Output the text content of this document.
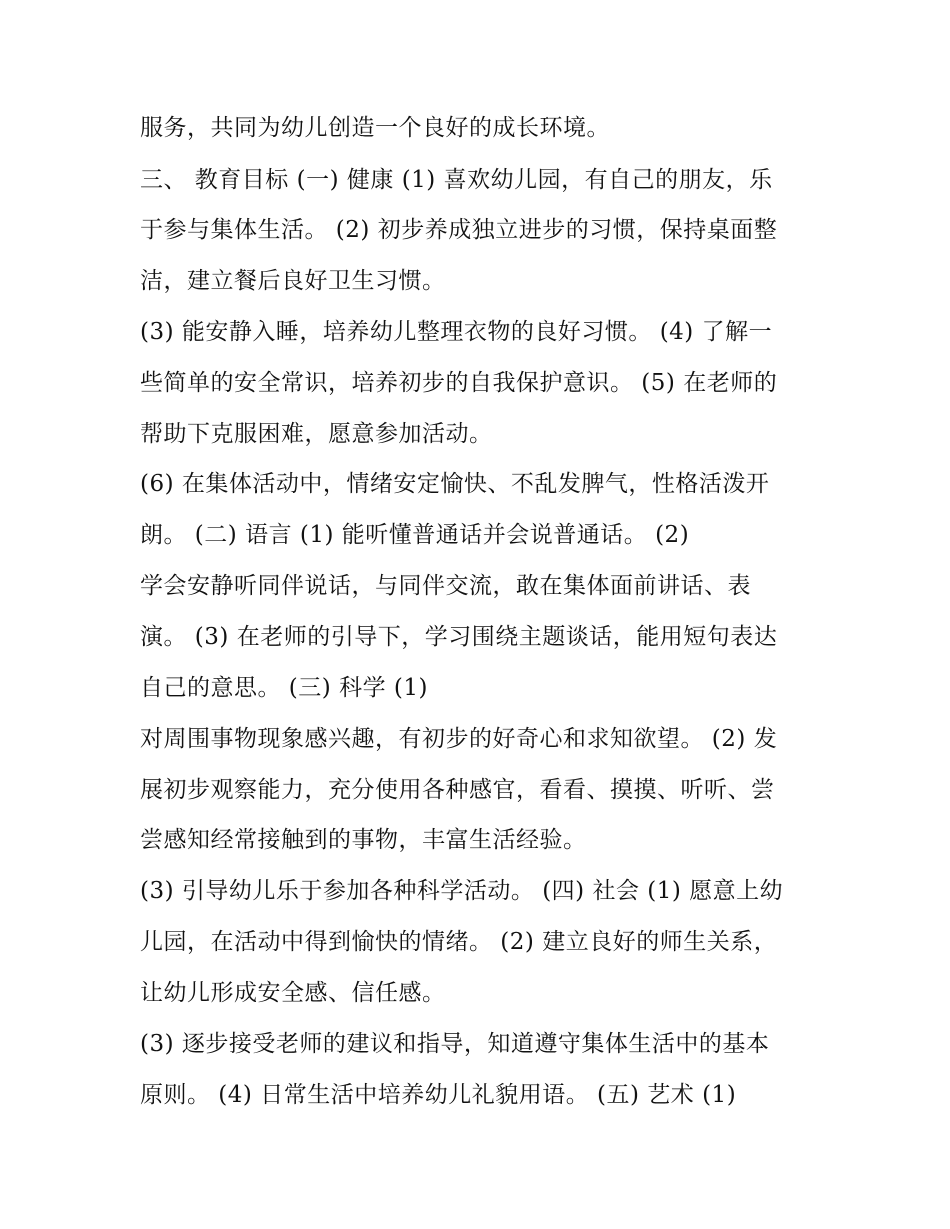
服务，共同为幼儿创造一个良好的成长环境。
三、 教育目标 (一) 健康 (1) 喜欢幼儿园，有自己的朋友，乐
于参与集体生活。 (2) 初步养成独立进步的习惯，保持桌面整
洁，建立餐后良好卫生习惯。
(3) 能安静入睡，培养幼儿整理衣物的良好习惯。 (4) 了解一
些简单的安全常识，培养初步的自我保护意识。 (5) 在老师的
帮助下克服困难，愿意参加活动。
(6) 在集体活动中，情绪安定愉快、不乱发脾气，性格活泼开
朗。 (二) 语言 (1) 能听懂普通话并会说普通话。 (2)
学会安静听同伴说话，与同伴交流，敢在集体面前讲话、表
演。 (3) 在老师的引导下，学习围绕主题谈话，能用短句表达
自己的意思。 (三) 科学 (1)
对周围事物现象感兴趣，有初步的好奇心和求知欲望。 (2) 发
展初步观察能力，充分使用各种感官，看看、摸摸、听听、尝
尝感知经常接触到的事物，丰富生活经验。
(3) 引导幼儿乐于参加各种科学活动。 (四) 社会 (1) 愿意上幼
儿园，在活动中得到愉快的情绪。 (2) 建立良好的师生关系，
让幼儿形成安全感、信任感。
(3) 逐步接受老师的建议和指导，知道遵守集体生活中的基本
原则。 (4) 日常生活中培养幼儿礼貌用语。 (五) 艺术 (1)
